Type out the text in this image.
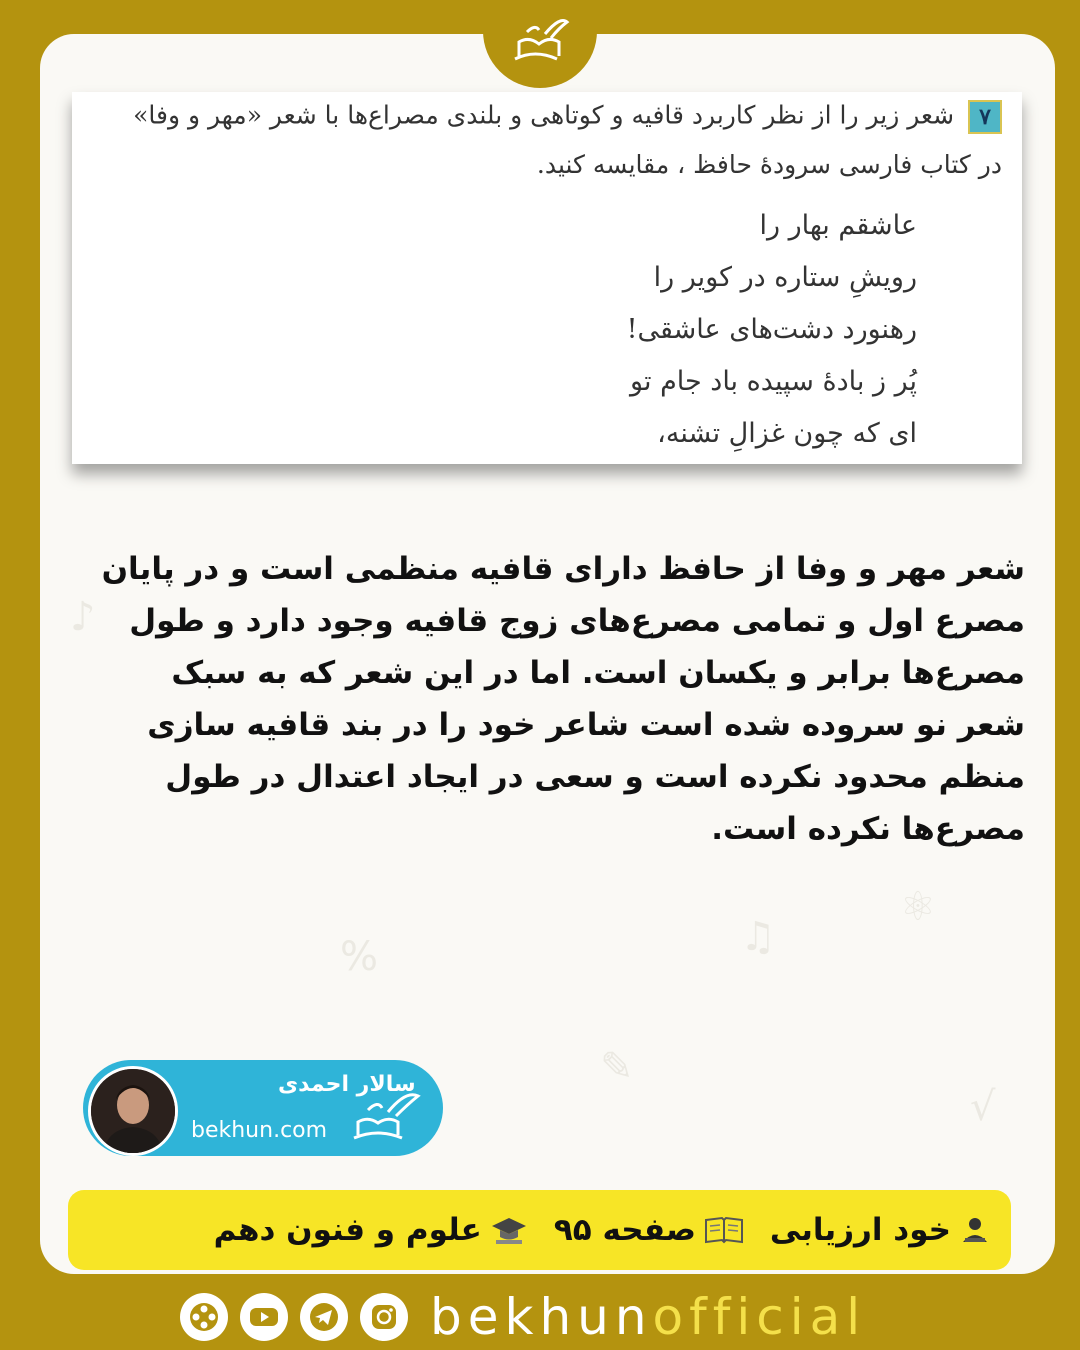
♪
⚛
%
✎
♫
√
۷ شعر زیر را از نظر کاربرد قافیه و کوتاهی و بلندی مصراع‌ها با شعر «مهر و وفا»
در کتاب فارسی سرودۀ حافظ ، مقایسه کنید.
عاشقم بهار را
رویشِ ستاره در کویر را
رهنورد دشت‌های عاشقی!
پُر ز بادۀ سپیده باد جام تو
ای که چون غزالِ تشنه،
شعر مهر و وفا از حافظ دارای قافیه منظمی است و در پایان مصرع اول و تمامی مصرع‌های زوج قافیه وجود دارد و طول مصرع‌ها برابر و یکسان است. اما در این شعر که به سبک شعر نو سروده شده است شاعر خود را در بند قافیه سازی منظم محدود نکرده است و سعی در ایجاد اعتدال در طول مصرع‌ها نکرده است.
سالار احمدی
bekhun.com
خود ارزیابی
صفحه ۹۵
علوم و فنون دهم
bekhunofficial
